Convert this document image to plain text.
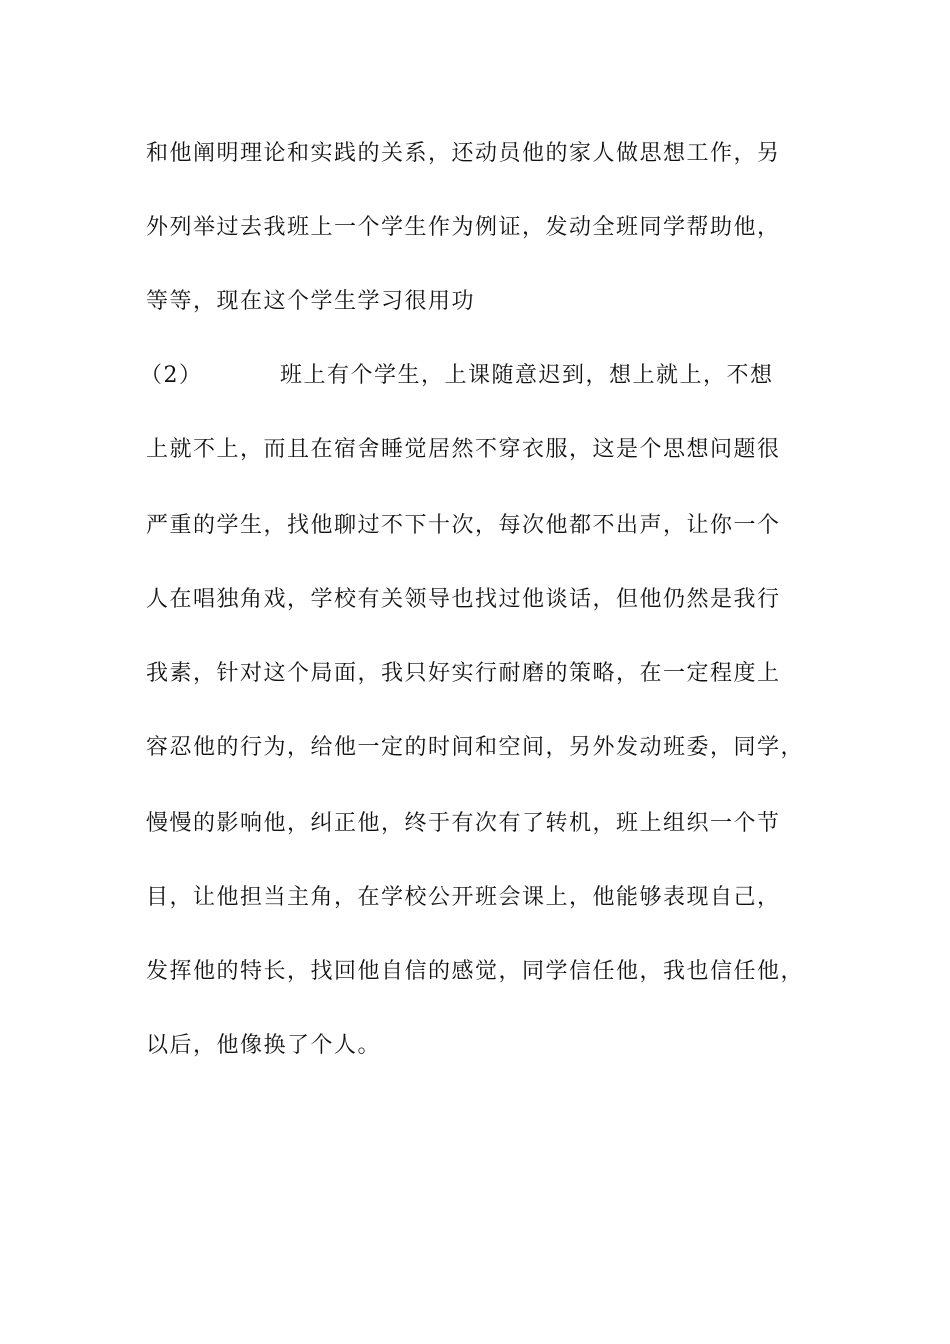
和他阐明理论和实践的关系，还动员他的家人做思想工作，另
外列举过去我班上一个学生作为例证，发动全班同学帮助他，
等等，现在这个学生学习很用功
（2）	班上有个学生，上课随意迟到，想上就上，不想
上就不上，而且在宿舍睡觉居然不穿衣服，这是个思想问题很
严重的学生，找他聊过不下十次，每次他都不出声，让你一个
人在唱独角戏，学校有关领导也找过他谈话，但他仍然是我行
我素，针对这个局面，我只好实行耐磨的策略，在一定程度上
容忍他的行为，给他一定的时间和空间，另外发动班委，同学，
慢慢的影响他，纠正他，终于有次有了转机，班上组织一个节
目，让他担当主角，在学校公开班会课上，他能够表现自己，
发挥他的特长，找回他自信的感觉，同学信任他，我也信任他，
以后，他像换了个人。
